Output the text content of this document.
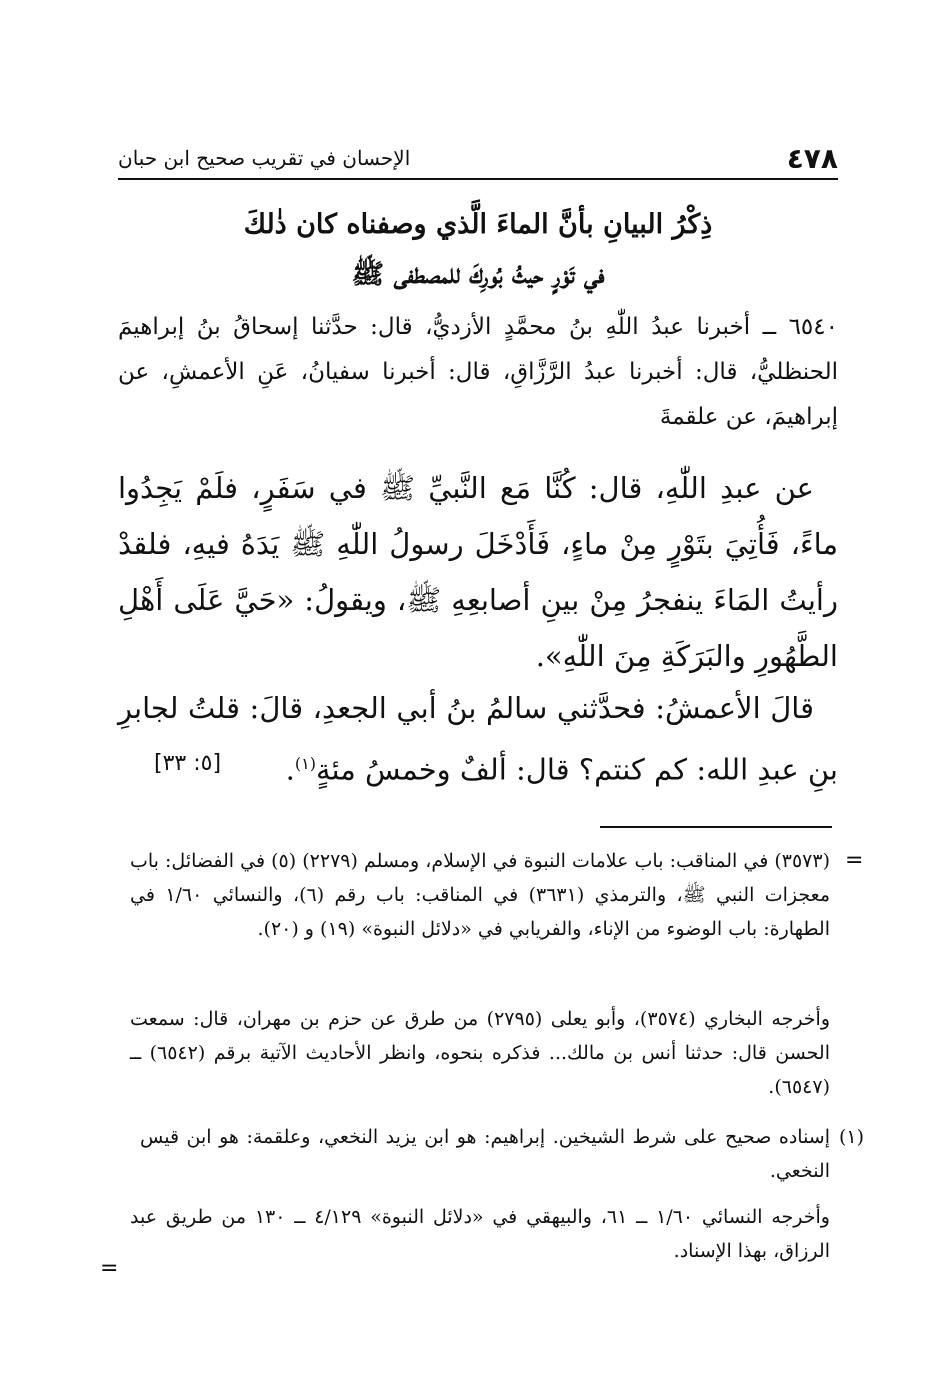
٤٧٨
الإحسان في تقريب صحيح ابن حبان
ذِكْرُ البيانِ بأنَّ الماءَ الَّذي وصفناه كان ذٰلكَ
في تَوْرٍ حيثُ بُورِكَ للمصطفى ﷺ
٦٥٤٠ ــ أخبرنا عبدُ اللّٰهِ بنُ محمَّدٍ الأزديُّ، قال: حدَّثنا إسحاقُ بنُ إبراهيمَ الحنظليُّ، قال: أخبرنا عبدُ الرَّزَّاقِ، قال: أخبرنا سفيانُ، عَنِ الأعمشِ، عن إبراهيمَ، عن علقمةَ
عن عبدِ اللّٰهِ، قال: كُنَّا مَع النَّبيِّ ﷺ في سَفَرٍ، فلَمْ يَجِدُوا ماءً، فَأُتِيَ بتَوْرٍ مِنْ ماءٍ، فَأَدْخَلَ رسولُ اللّٰهِ ﷺ يَدَهُ فيهِ، فلقدْ رأيتُ المَاءَ ينفجرُ مِنْ بينِ أصابعِهِ ﷺ، ويقولُ: «حَيَّ عَلَى أَهْلِ الطَّهُورِ والبَرَكَةِ مِنَ اللّٰهِ».
قالَ الأعمشُ: فحدَّثني سالمُ بنُ أبي الجعدِ، قالَ: قلتُ لجابرِ بنِ عبدِ الله: كم كنتم؟ قال: ألفٌ وخمسُ مئةٍ$^{(١)}$.
[٥: ٣٣]
=
(٣٥٧٣) في المناقب: باب علامات النبوة في الإسلام، ومسلم (٢٢٧٩) (٥) في الفضائل: باب معجزات النبي ﷺ، والترمذي (٣٦٣١) في المناقب: باب رقم (٦)، والنسائي ١/٦٠ في الطهارة: باب الوضوء من الإناء، والفريابي في «دلائل النبوة» (١٩) و (٢٠).
وأخرجه البخاري (٣٥٧٤)، وأبو يعلى (٢٧٩٥) من طرق عن حزم بن مهران، قال: سمعت الحسن قال: حدثنا أنس بن مالك... فذكره بنحوه، وانظر الأحاديث الآتية برقم (٦٥٤٢) ــ (٦٥٤٧).
(١)
إسناده صحيح على شرط الشيخين. إبراهيم: هو ابن يزيد النخعي، وعلقمة: هو ابن قيس النخعي.
وأخرجه النسائي ١/٦٠ ــ ٦١، والبيهقي في «دلائل النبوة» ٤/١٢٩ ــ ١٣٠ من طريق عبد الرزاق، بهذا الإسناد.
=
